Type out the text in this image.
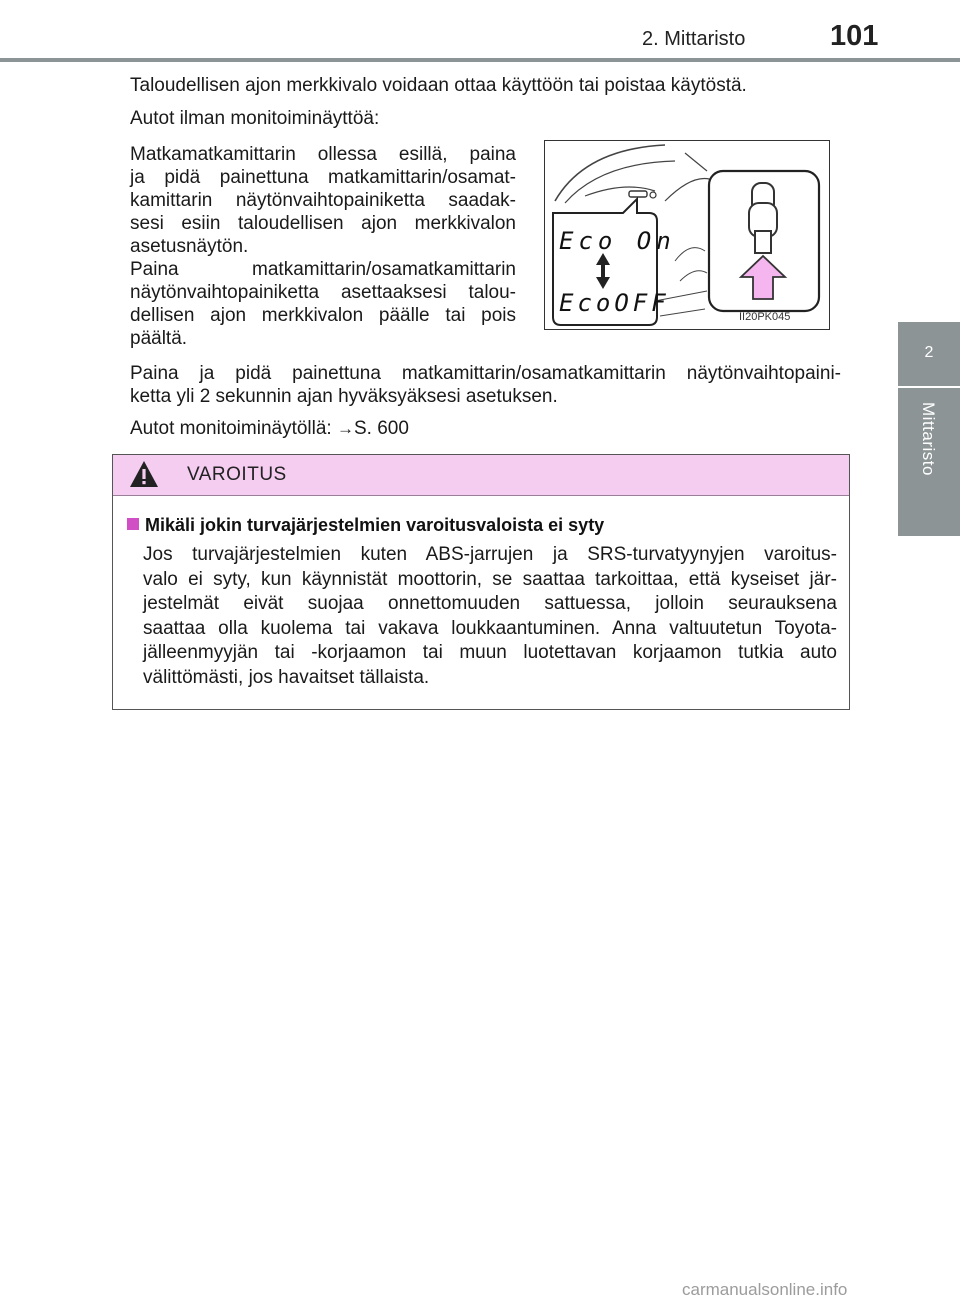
2. Mittaristo	101
2
Mittaristo

Taloudellisen ajon merkkivalo voidaan ottaa käyttöön tai poistaa käytöstä.

Autot ilman monitoiminäyttöä:

Matkamatkamittarin ollessa esillä, paina
ja pidä painettuna matkamittarin/osamat-
kamittarin näytönvaihtopainiketta saadak-
sesi esiin taloudellisen ajon merkkivalon
asetusnäytön.
Paina matkamittarin/osamatkamittarin
näytönvaihtopainiketta asettaaksesi talou-
dellisen ajon merkkivalon päälle tai pois
päältä.
Paina ja pidä painettuna matkamittarin/osamatkamittarin näytönvaihtopaini-
ketta yli 2 sekunnin ajan hyväksyäksesi asetuksen.

Autot monitoiminäytöllä: →S. 600

Eco On
EcoOFF	II20PK045
VAROITUS
Mikäli jokin turvajärjestelmien varoitusvaloista ei syty
Jos turvajärjestelmien kuten ABS-jarrujen ja SRS-turvatyynyjen varoitus-
valo ei syty, kun käynnistät moottorin, se saattaa tarkoittaa, että kyseiset jär-
jestelmät eivät suojaa onnettomuuden sattuessa, jolloin seurauksena
saattaa olla kuolema tai vakava loukkaantuminen. Anna valtuutetun Toyota-
jälleenmyyjän tai -korjaamon tai muun luotettavan korjaamon tutkia auto
välittömästi, jos havaitset tällaista.
carmanualsonline.info
